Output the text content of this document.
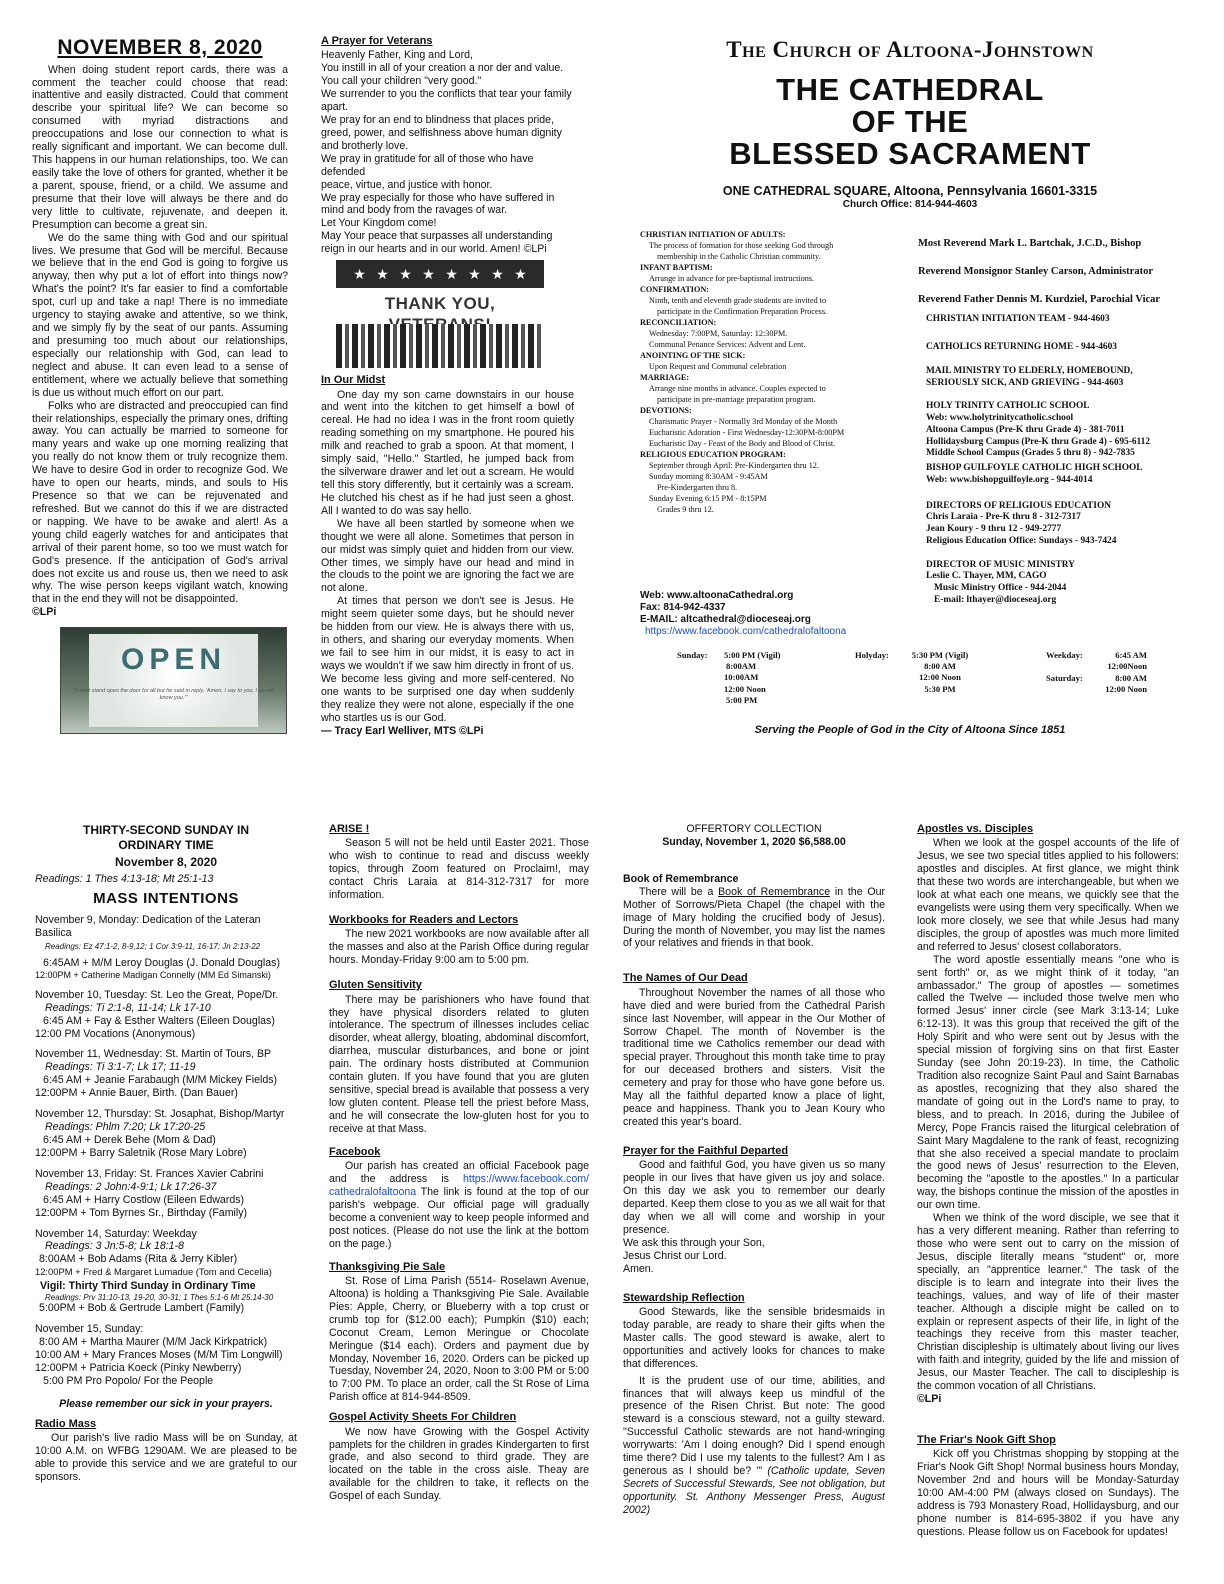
NOVEMBER 8, 2020

When doing student report cards, there was a comment the teacher could choose that read: inattentive and easily distracted. Could that comment describe your spiritual life? We can become so consumed with myriad distractions and preoccupations and lose our connection to what is really significant and important. We can become dull. This happens in our human relationships, too. We can easily take the love of others for granted, whether it be a parent, spouse, friend, or a child. We assume and presume that their love will always be there and do very little to cultivate, rejuvenate, and deepen it. Presumption can become a great sin.

We do the same thing with God and our spiritual lives. We presume that God will be merciful. Because we believe that in the end God is going to forgive us anyway, then why put a lot of effort into things now? What's the point? It's far easier to find a comfortable spot, curl up and take a nap! There is no immediate urgency to staying awake and attentive, so we think, and we simply fly by the seat of our pants. Assuming and presuming too much about our relationships, especially our relationship with God, can lead to neglect and abuse. It can even lead to a sense of entitlement, where we actually believe that something is due us without much effort on our part.

Folks who are distracted and preoccupied can find their relationships, especially the primary ones, drifting away. You can actually be married to someone for many years and wake up one morning realizing that you really do not know them or truly recognize them. We have to desire God in order to recognize God. We have to open our hearts, minds, and souls to His Presence so that we can be rejuvenated and refreshed. But we cannot do this if we are distracted or napping. We have to be awake and alert! As a young child eagerly watches for and anticipates that arrival of their parent home, so too we must watch for God's presence. If the anticipation of God's arrival does not excite us and rouse us, then we need to ask why. The wise person keeps vigilant watch, knowing that in the end they will not be disappointed.

©LPi
OPEN
"I must stand open the door for all but he said in reply, 'Amen, I say to you, I do not know you.'"
A Prayer for Veterans
Heavenly Father, King and Lord,
You instill in all of your creation a nor der and value.
You call your children "very good."
We surrender to you the conflicts that tear your family apart.
We pray for an end to blindness that places pride, greed, power, and selfishness above human dignity and brotherly love.
We pray in gratitude for all of those who have defended
peace, virtue, and justice with honor.
We pray especially for those who have suffered in mind and body from the ravages of war.
Let Your Kingdom come!
May Your peace that surpasses all understanding reign in our hearts and in our world. Amen! ©LPi
★ ★ ★ ★ ★ ★ ★ ★
THANK YOU,
In Our Midst

One day my son came downstairs in our house and went into the kitchen to get himself a bowl of cereal. He had no idea I was in the front room quietly reading something on my smartphone. He poured his milk and reached to grab a spoon. At that moment, I simply said, "Hello." Startled, he jumped back from the silverware drawer and let out a scream. He would tell this story differently, but it certainly was a scream. He clutched his chest as if he had just seen a ghost. All I wanted to do was say hello.

We have all been startled by someone when we thought we were all alone. Sometimes that person in our midst was simply quiet and hidden from our view. Other times, we simply have our head and mind in the clouds to the point we are ignoring the fact we are not alone.

At times that person we don't see is Jesus. He might seem quieter some days, but he should never be hidden from our view. He is always there with us, in others, and sharing our everyday moments. When we fail to see him in our midst, it is easy to act in ways we wouldn't if we saw him directly in front of us. We become less giving and more self-centered. No one wants to be surprised one day when suddenly they realize they were not alone, especially if the one who startles us is our God.

— Tracy Earl Welliver, MTS ©LPi
The Church of Altoona-Johnstown
THE CATHEDRAL
OF THE
BLESSED SACRAMENT
ONE CATHEDRAL SQUARE, Altoona, Pennsylvania 16601-3315
Church Office: 814-944-4603
CHRISTIAN INITIATION OF ADULTS:
The process of formation for those seeking God through
membership in the Catholic Christian community.
INFANT BAPTISM:
Arrange in advance for pre-baptismal instructions.
CONFIRMATION:
Ninth, tenth and eleventh grade students are invited to
participate in the Confirmation Preparation Process.
RECONCILIATION:
Wednesday: 7:00PM, Saturday: 12:30PM.
Communal Penance Services: Advent and Lent.
ANOINTING OF THE SICK:
Upon Request and Communal celebration
MARRIAGE:
Arrange nine months in advance. Couples expected to
participate in pre-marriage preparation program.
DEVOTIONS:
Charismatic Prayer - Normally 3rd Monday of the Month
Eucharistic Adoration - First Wednesday-12:30PM-8:00PM
Eucharistic Day - Feast of the Body and Blood of Christ.
RELIGIOUS EDUCATION PROGRAM:
September through April: Pre-Kindergarten thru 12.
Sunday morning 8:30AM - 9:45AM
Pre-Kindergarten thru 8.
Sunday Evening 6:15 PM - 8:15PM
Grades 9 thru 12.
Web: www.altoonaCathedral.org
Fax: 814-942-4337
E-MAIL: altcathedral@dioceseaj.org
https://www.facebook.com/cathedralofaltoona
Most Reverend Mark L. Bartchak, J.C.D., Bishop
Reverend Monsignor Stanley Carson, Administrator
Reverend Father Dennis M. Kurdziel, Parochial Vicar
CHRISTIAN INITIATION TEAM - 944-4603
CATHOLICS RETURNING HOME - 944-4603
MAIL MINISTRY TO ELDERLY, HOMEBOUND,
SERIOUSLY SICK, AND GRIEVING - 944-4603
HOLY TRINITY CATHOLIC SCHOOL
Web: www.holytrinitycatholic.school
Altoona Campus (Pre-K thru Grade 4) - 381-7011
Hollidaysburg Campus (Pre-K thru Grade 4) - 695-6112
Middle School Campus (Grades 5 thru 8) - 942-7835
BISHOP GUILFOYLE CATHOLIC HIGH SCHOOL
Web: www.bishopguilfoyle.org - 944-4014
DIRECTORS OF RELIGIOUS EDUCATION
Chris Laraia - Pre-K thru 8 - 312-7317
Jean Koury - 9 thru 12 - 949-2777
Religious Education Office: Sundays - 943-7424
DIRECTOR OF MUSIC MINISTRY
Leslie C. Thayer, MM, CAGO
Music Ministry Office - 944-2044
E-mail: lthayer@dioceseaj.org
Sunday: 5:00 PM (Vigil)
8:00AM
10:00AM
12:00 Noon
5:00 PM
Holyday:	5:30 PM (Vigil)
8:00 AM
12:00 Noon
5:30 PM
Weekday:	6:45 AM
12:00Noon
Saturday:	8:00 AM
12:00 Noon
Serving the People of God in the City of Altoona Since 1851
THIRTY-SECOND SUNDAY IN
ORDINARY TIME
November 8, 2020
Readings: 1 Thes 4:13-18; Mt 25:1-13
MASS INTENTIONS
November 9, Monday: Dedication of the Lateran Basilica
Readings: Ez 47:1-2, 8-9,12; 1 Cor 3:9-11, 16-17; Jn 2:13-22
6:45AM + M/M Leroy Douglas (J. Donald Douglas)
12:00PM + Catherine Madigan Connelly (MM Ed Simanski)
November 10, Tuesday: St. Leo the Great, Pope/Dr.
Readings: Ti 2:1-8, 11-14; Lk 17-10
6:45 AM + Fay & Esther Walters (Eileen Douglas)
12:00 PM Vocations (Anonymous)
November 11, Wednesday: St. Martin of Tours, BP
Readings: Ti 3:1-7; Lk 17; 11-19
6:45 AM + Jeanie Farabaugh (M/M Mickey Fields)
12:00PM + Annie Bauer, Birth. (Dan Bauer)
November 12, Thursday: St. Josaphat, Bishop/Martyr
Readings: Phlm 7:20; Lk 17:20-25
6:45 AM + Derek Behe (Mom & Dad)
12:00PM + Barry Saletnik (Rose Mary Lobre)
November 13, Friday: St. Frances Xavier Cabrini
Readings: 2 John:4-9:1; Lk 17:26-37
6:45 AM + Harry Costlow (Eileen Edwards)
12:00PM + Tom Byrnes Sr., Birthday (Family)
November 14, Saturday: Weekday
Readings: 3 Jn:5-8; Lk 18:1-8
8:00AM + Bob Adams (Rita & Jerry Kibler)
12:00PM + Fred & Margaret Lumadue (Tom and Cecelia)
Vigil: Thirty Third Sunday in Ordinary Time
Readings: Prv 31:10-13, 19-20, 30-31; 1 Thes 5:1-6 Mt 25:14-30
5:00PM + Bob & Gertrude Lambert (Family)
November 15, Sunday:
8:00 AM + Martha Maurer (M/M Jack Kirkpatrick)
10:00 AM + Mary Frances Moses (M/M Tim Longwill)
12:00PM + Patricia Koeck (Pinky Newberry)
5:00 PM Pro Popolo/ For the People
Please remember our sick in your prayers.
Radio Mass

Our parish's live radio Mass will be on Sunday, at 10:00 A.M. on WFBG 1290AM. We are pleased to be able to provide this service and we are grateful to our sponsors.

ARISE !

Season 5 will not be held until Easter 2021. Those who wish to continue to read and discuss weekly topics, through Zoom featured on Proclaim!, may contact Chris Laraia at 814-312-7317 for more information.

Workbooks for Readers and Lectors

The new 2021 workbooks are now available after all the masses and also at the Parish Office during regular hours. Monday-Friday 9:00 am to 5:00 pm.

Gluten Sensitivity

There may be parishioners who have found that they have physical disorders related to gluten intolerance. The spectrum of illnesses includes celiac disorder, wheat allergy, bloating, abdominal discomfort, diarrhea, muscular disturbances, and bone or joint pain. The ordinary hosts distributed at Communion contain gluten. If you have found that you are gluten sensitive, special bread is available that possess a very low gluten content. Please tell the priest before Mass, and he will consecrate the low-gluten host for you to receive at that Mass.

Facebook

Our parish has created an official Facebook page and the address is https://www.facebook.com/ cathedralofaltoona The link is found at the top of our parish's webpage. Our official page will gradually become a convenient way to keep people informed and post notices. (Please do not use the link at the bottom on the page.)

Thanksgiving Pie Sale

St. Rose of Lima Parish (5514- Roselawn Avenue, Altoona) is holding a Thanksgiving Pie Sale. Available Pies: Apple, Cherry, or Blueberry with a top crust or crumb top for ($12.00 each); Pumpkin ($10) each; Coconut Cream, Lemon Meringue or Chocolate Meringue ($14 each). Orders and payment due by Monday, November 16, 2020. Orders can be picked up Tuesday, November 24, 2020, Noon to 3:00 PM or 5:00 to 7:00 PM. To place an order, call the St Rose of Lima Parish office at 814-944-8509.

Gospel Activity Sheets For Children

We now have Growing with the Gospel Activity pamplets for the children in grades Kindergarten to first grade, and also second to third grade. They are located on the table in the cross aisle. Theay are available for the children to take, it reflects on the Gospel of each Sunday.

OFFERTORY COLLECTION
Sunday, November 1, 2020 $6,588.00
Book of Remembrance

There will be a Book of Remembrance in the Our Mother of Sorrows/Pieta Chapel (the chapel with the image of Mary holding the crucified body of Jesus). During the month of November, you may list the names of your relatives and friends in that book.

The Names of Our Dead

Throughout November the names of all those who have died and were buried from the Cathedral Parish since last November, will appear in the Our Mother of Sorrow Chapel. The month of November is the traditional time we Catholics remember our dead with special prayer. Throughout this month take time to pray for our deceased brothers and sisters. Visit the cemetery and pray for those who have gone before us. May all the faithful departed know a place of light, peace and happiness. Thank you to Jean Koury who created this year's board.

Prayer for the Faithful Departed

Good and faithful God, you have given us so many people in our lives that have given us joy and solace. On this day we ask you to remember our dearly departed. Keep them close to you as we all wait for that day when we all will come and worship in your presence.

We ask this through your Son,
Jesus Christ our Lord.
Amen.
Stewardship Reflection

Good Stewards, like the sensible bridesmaids in today parable, are ready to share their gifts when the Master calls. The good steward is awake, alert to opportunities and actively looks for chances to make that differences.

It is the prudent use of our time, abilities, and finances that will always keep us mindful of the presence of the Risen Christ. But note: The good steward is a conscious steward, not a guilty steward. "Successful Catholic stewards are not hand-wringing worrywarts: 'Am I doing enough? Did I spend enough time there? Did I use my talents to the fullest? Am I as generous as I should be? '" (Catholic update, Seven Secrets of Successful Stewards, See not obligation, but opportunity. St. Anthony Messenger Press, August 2002)

Apostles vs. Disciples

When we look at the gospel accounts of the life of Jesus, we see two special titles applied to his followers: apostles and disciples. At first glance, we might think that these two words are interchangeable, but when we look at what each one means, we quickly see that the evangelists were using them very specifically. When we look more closely, we see that while Jesus had many disciples, the group of apostles was much more limited and referred to Jesus' closest collaborators.

The word apostle essentially means "one who is sent forth" or, as we might think of it today, "an ambassador." The group of apostles — sometimes called the Twelve — included those twelve men who formed Jesus' inner circle (see Mark 3:13-14; Luke 6:12-13). It was this group that received the gift of the Holy Spirit and who were sent out by Jesus with the special mission of forgiving sins on that first Easter Sunday (see John 20:19-23). In time, the Catholic Tradition also recognize Saint Paul and Saint Barnabas as apostles, recognizing that they also shared the mandate of going out in the Lord's name to pray, to bless, and to preach. In 2016, during the Jubilee of Mercy, Pope Francis raised the liturgical celebration of Saint Mary Magdalene to the rank of feast, recognizing that she also received a special mandate to proclaim the good news of Jesus' resurrection to the Eleven, becoming the "apostle to the apostles." In a particular way, the bishops continue the mission of the apostles in our own time.

When we think of the word disciple, we see that it has a very different meaning. Rather than referring to those who were sent out to carry on the mission of Jesus, disciple literally means "student" or, more specially, an "apprentice learner." The task of the disciple is to learn and integrate into their lives the teachings, values, and way of life of their master teacher. Although a disciple might be called on to explain or represent aspects of their life, in light of the teachings they receive from this master teacher, Christian discipleship is ultimately about living our lives with faith and integrity, guided by the life and mission of Jesus, our Master Teacher. The call to discipleship is the common vocation of all Christians.

©LPi
The Friar's Nook Gift Shop

Kick off you Christmas shopping by stopping at the Friar's Nook Gift Shop! Normal business hours Monday, November 2nd and hours will be Monday-Saturday 10:00 AM-4:00 PM (always closed on Sundays). The address is 793 Monastery Road, Hollidaysburg, and our phone number is 814-695-3802 if you have any questions. Please follow us on Facebook for updates!
